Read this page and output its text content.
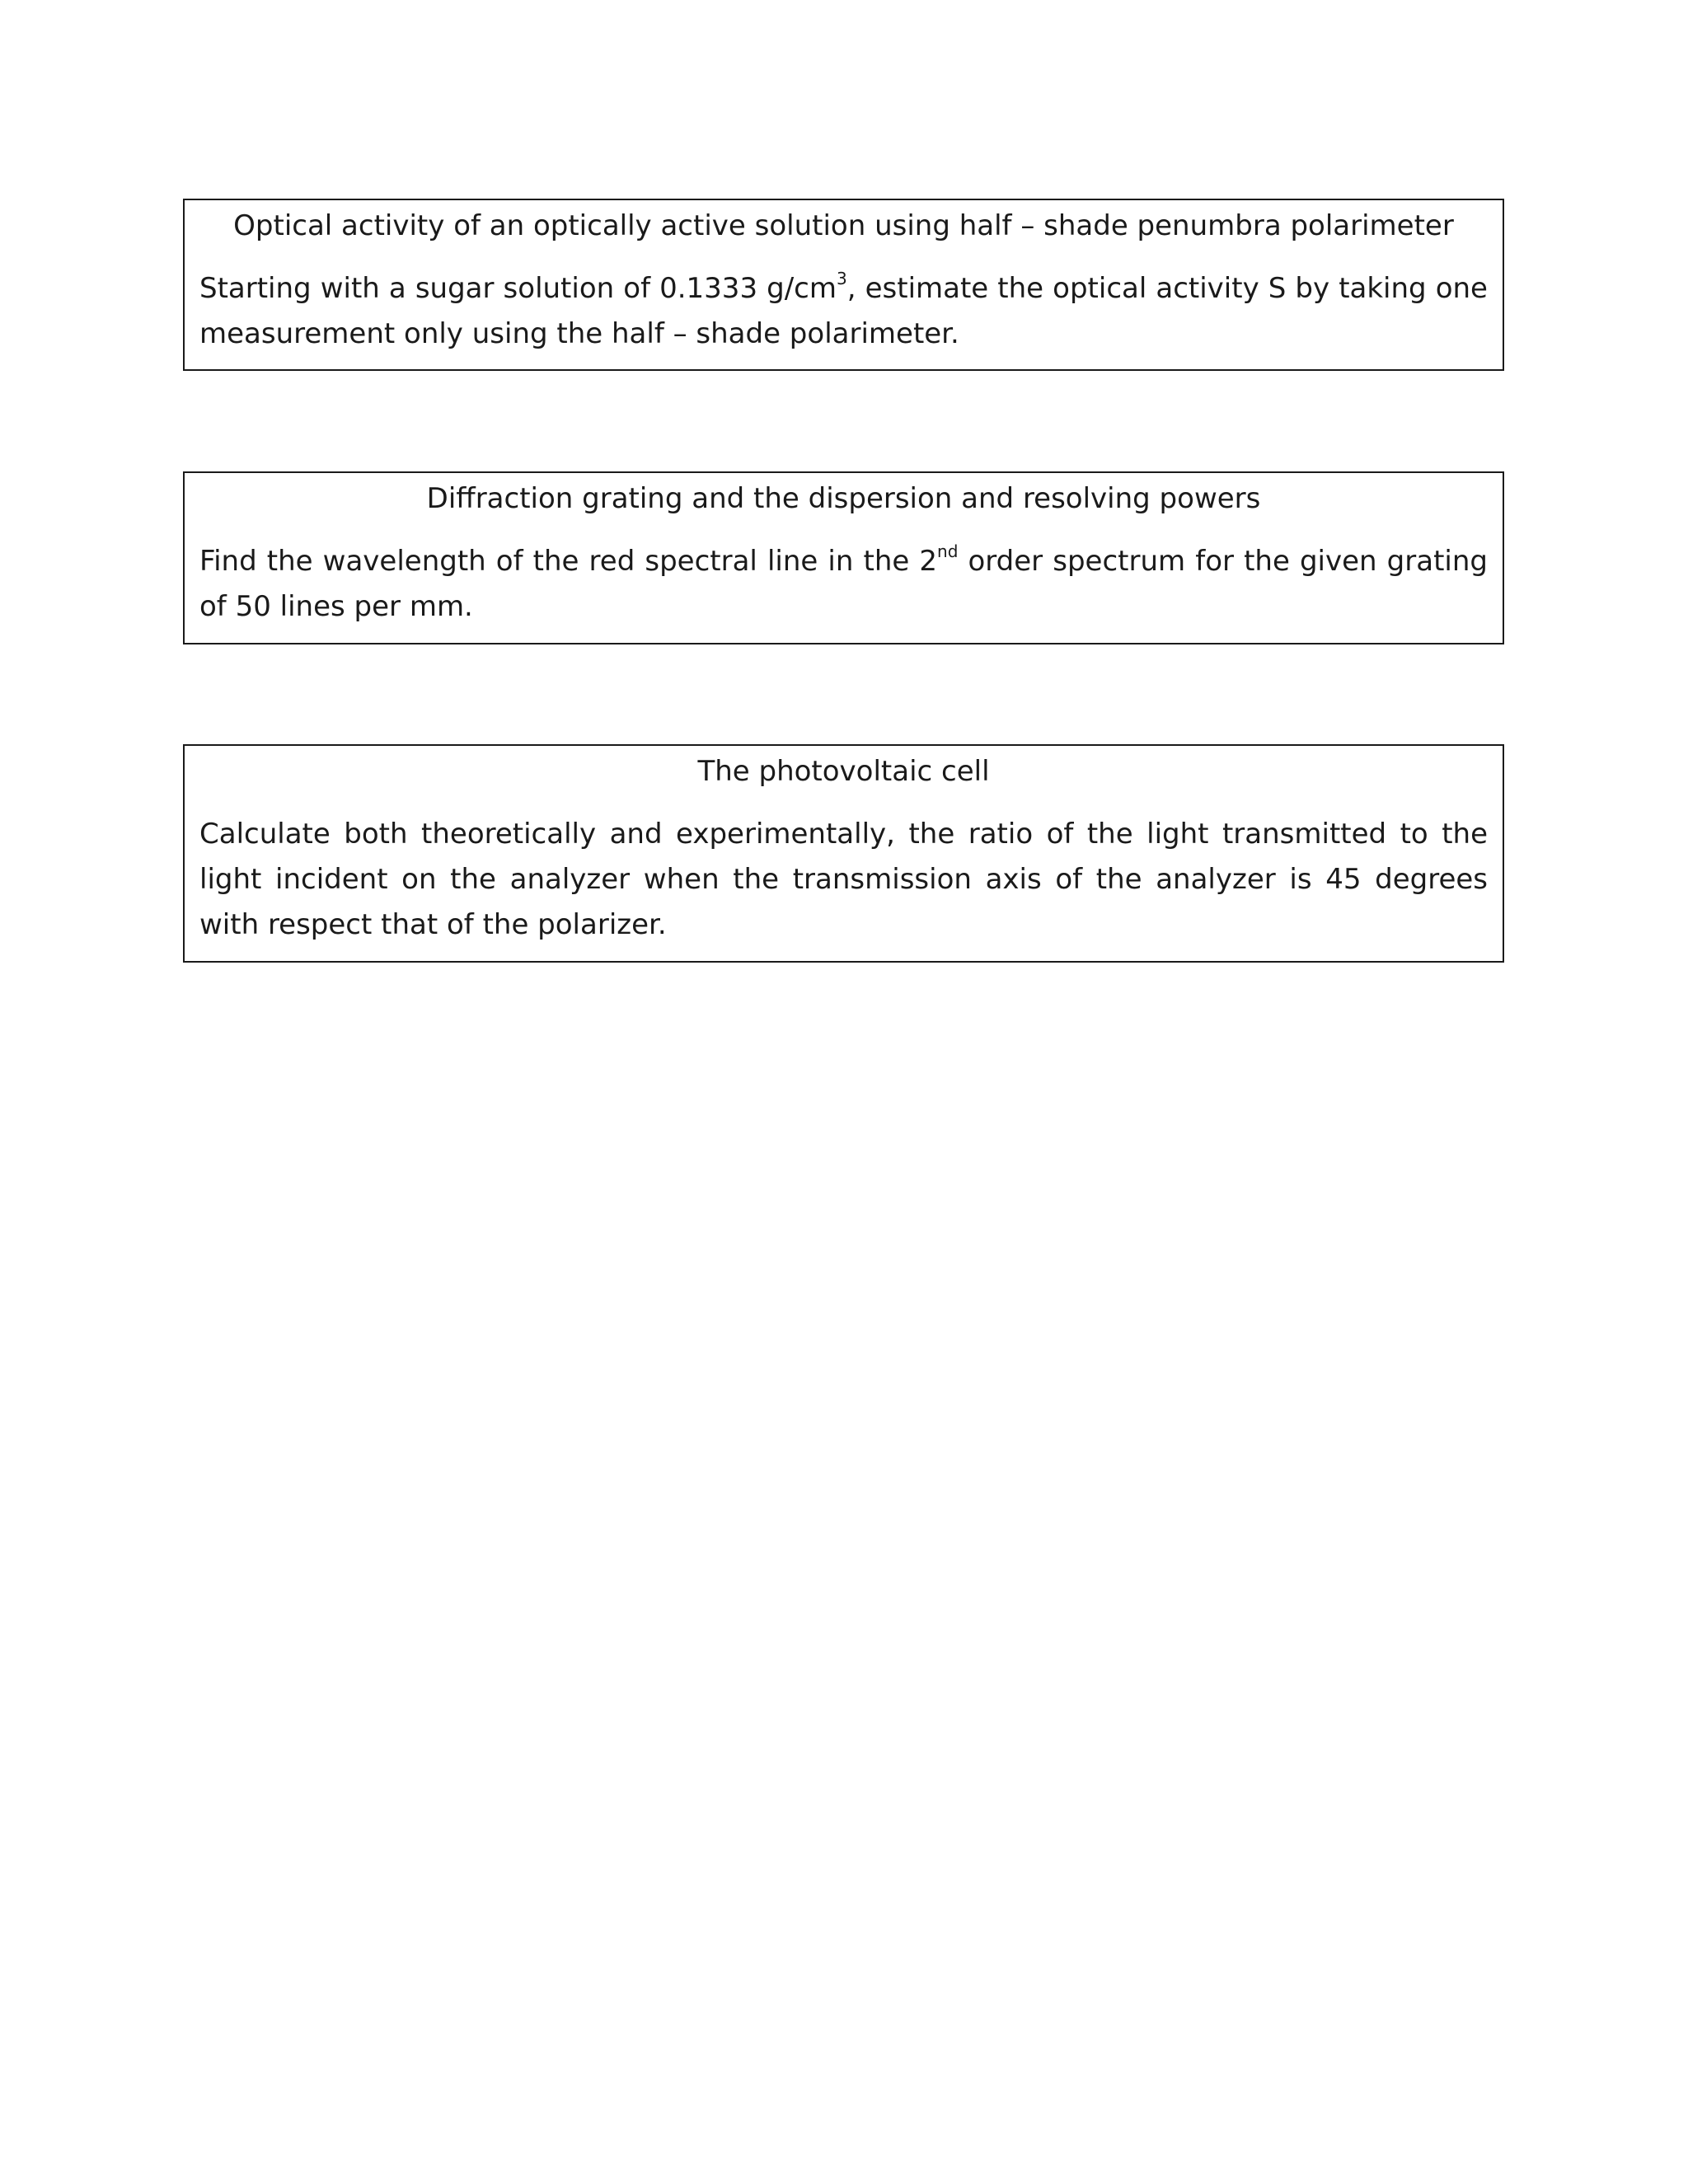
Optical activity of an optically active solution using half – shade penumbra polarimeter

Starting with a sugar solution of 0.1333 $g/cm^3$, estimate the optical activity S by taking one measurement only using the half – shade polarimeter.

Diffraction grating and the dispersion and resolving powers

Find the wavelength of the red spectral line in the 2nd order spectrum for the given grating of 50 lines per mm.

The photovoltaic cell

Calculate both theoretically and experimentally, the ratio of the light transmitted to the light incident on the analyzer when the transmission axis of the analyzer is 45 degrees with respect that of the polarizer.
